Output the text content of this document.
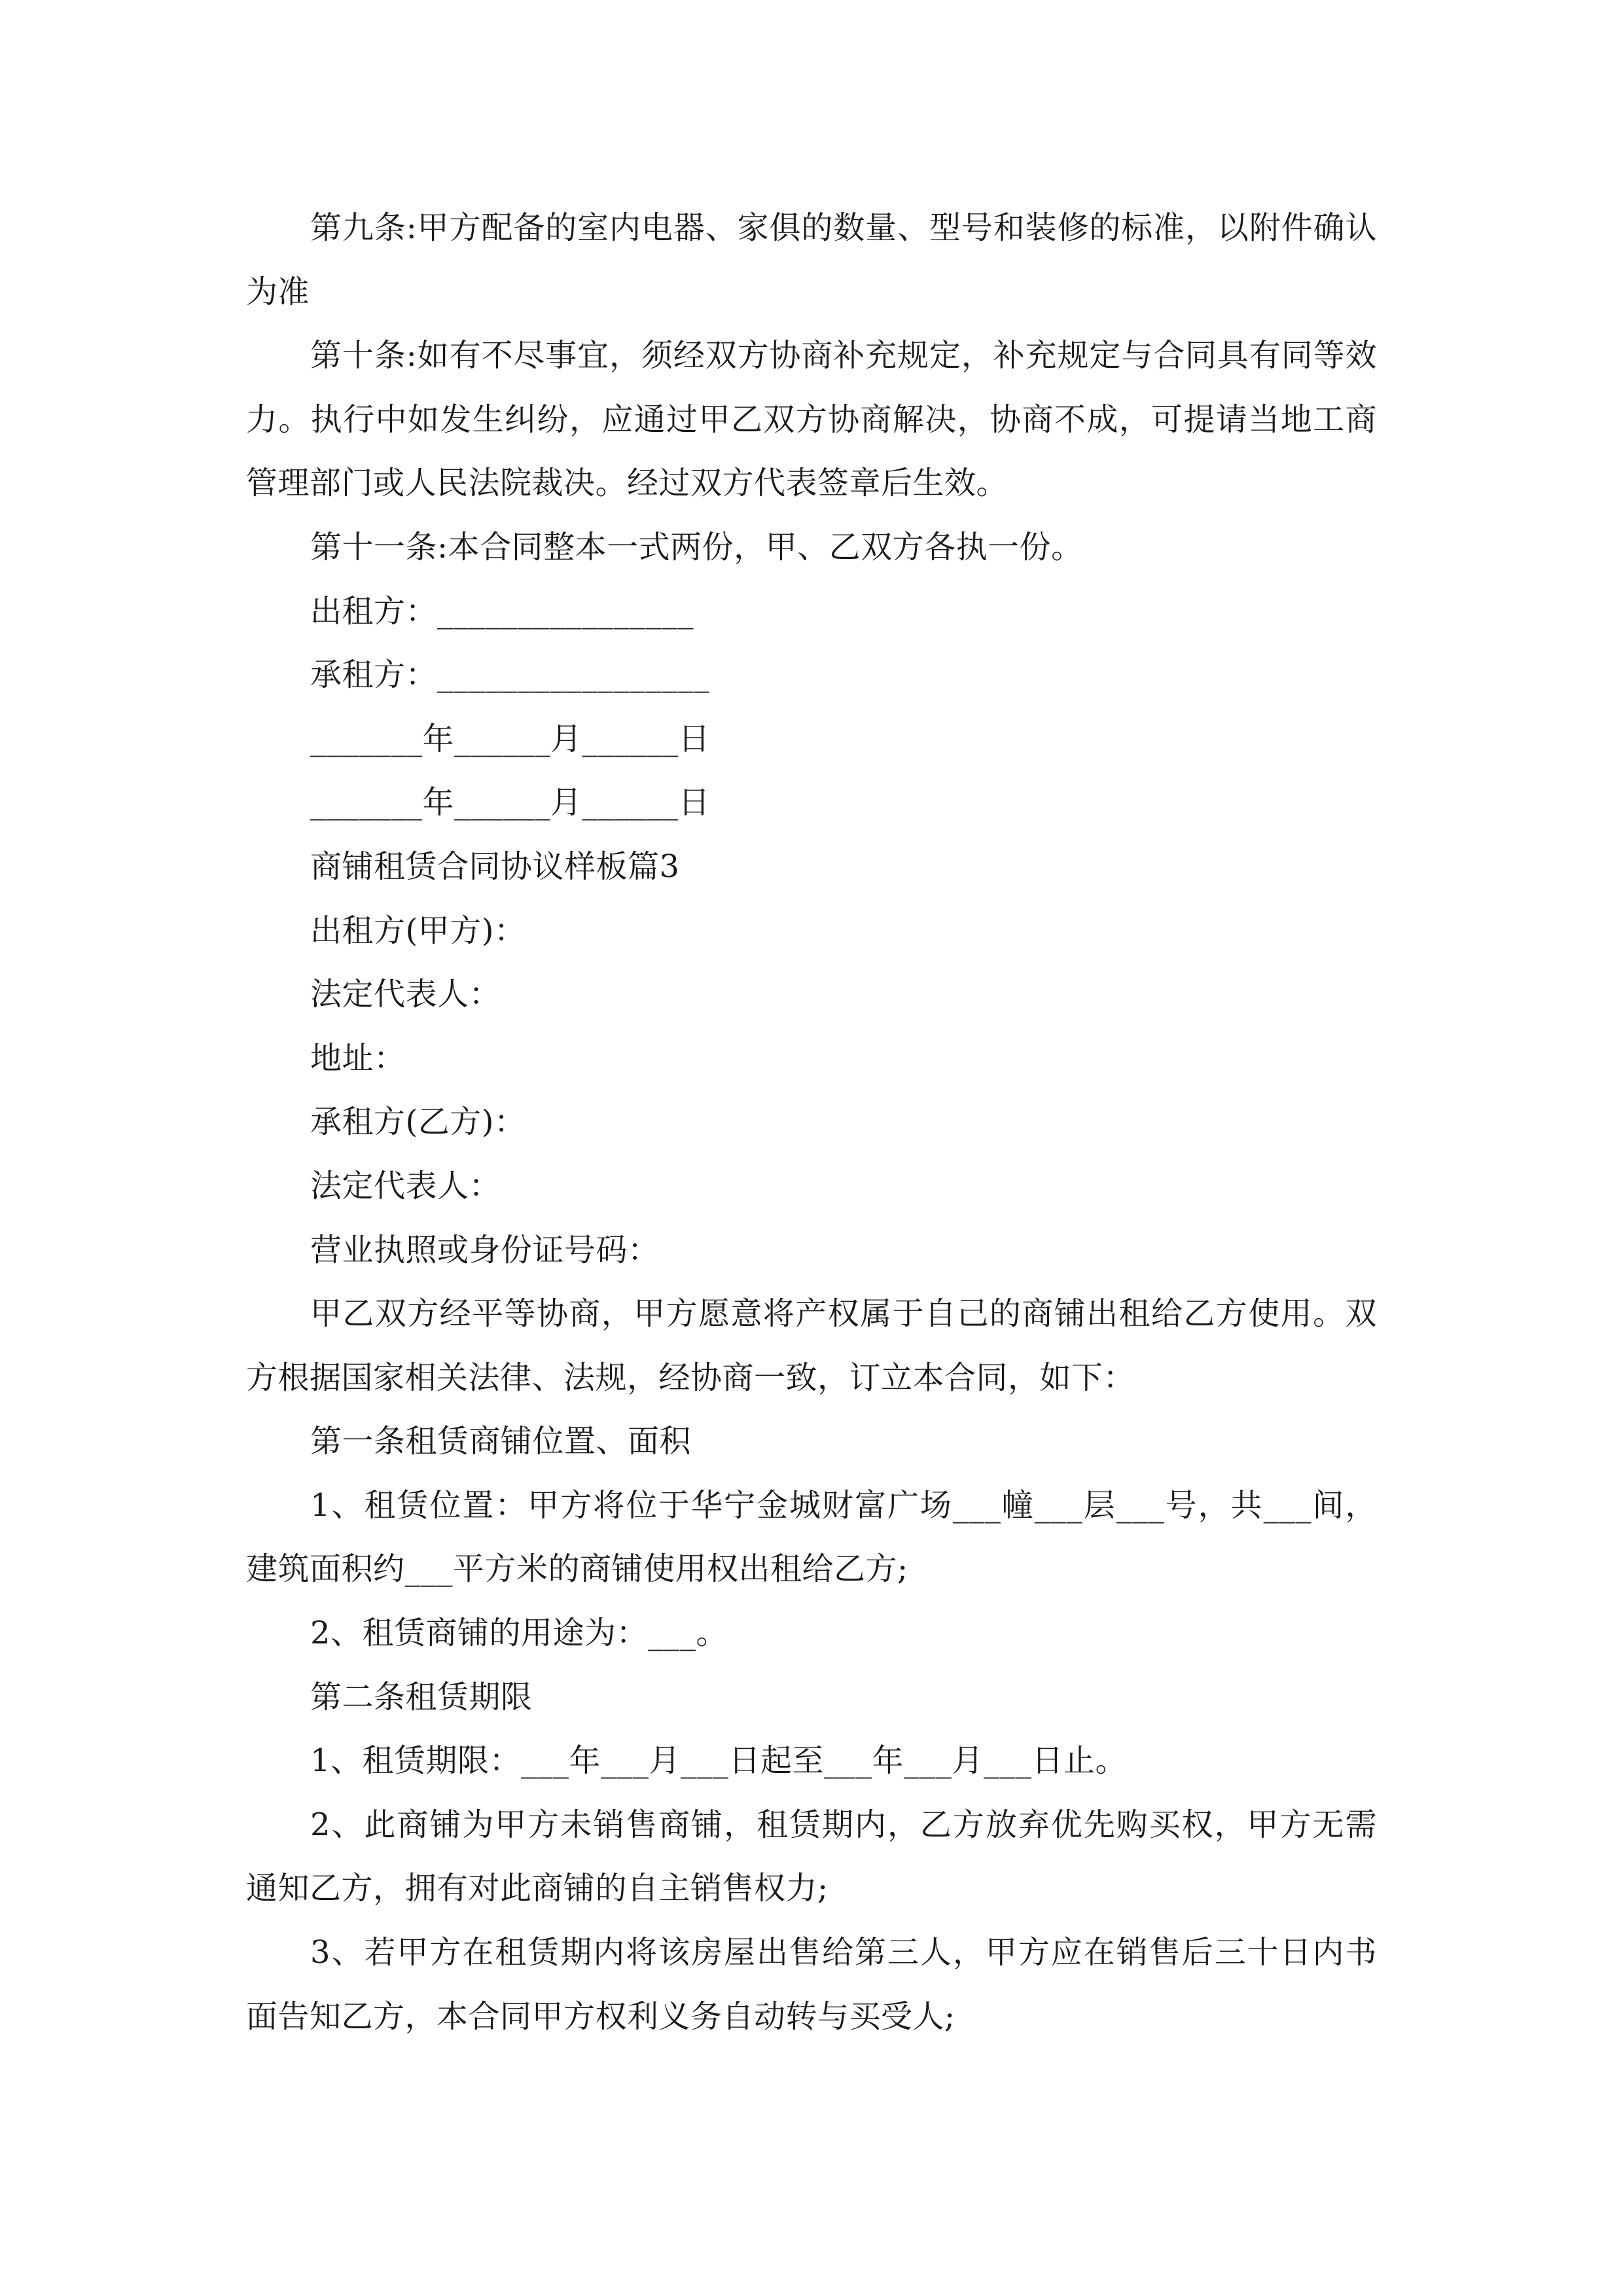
第九条:甲方配备的室内电器、家俱的数量、型号和装修的标准，以附件确认为准

第十条:如有不尽事宜，须经双方协商补充规定，补充规定与合同具有同等效力。执行中如发生纠纷，应通过甲乙双方协商解决，协商不成，可提请当地工商管理部门或人民法院裁决。经过双方代表签章后生效。

第十一条:本合同整本一式两份，甲、乙双方各执一份。

出租方：________________

承租方：_________________

_______年______月______日

_______年______月______日

商铺租赁合同协议样板篇3

出租方(甲方)：

法定代表人：

地址：

承租方(乙方)：

法定代表人：

营业执照或身份证号码：

甲乙双方经平等协商，甲方愿意将产权属于自己的商铺出租给乙方使用。双方根据国家相关法律、法规，经协商一致，订立本合同，如下：

第一条租赁商铺位置、面积

1、租赁位置：甲方将位于华宁金城财富广场___幢___层___号，共___间，建筑面积约___平方米的商铺使用权出租给乙方;

2、租赁商铺的用途为：___。

第二条租赁期限

1、租赁期限：___年___月___日起至___年___月___日止。

2、此商铺为甲方未销售商铺，租赁期内，乙方放弃优先购买权，甲方无需通知乙方，拥有对此商铺的自主销售权力;

3、若甲方在租赁期内将该房屋出售给第三人，甲方应在销售后三十日内书面告知乙方，本合同甲方权利义务自动转与买受人;
